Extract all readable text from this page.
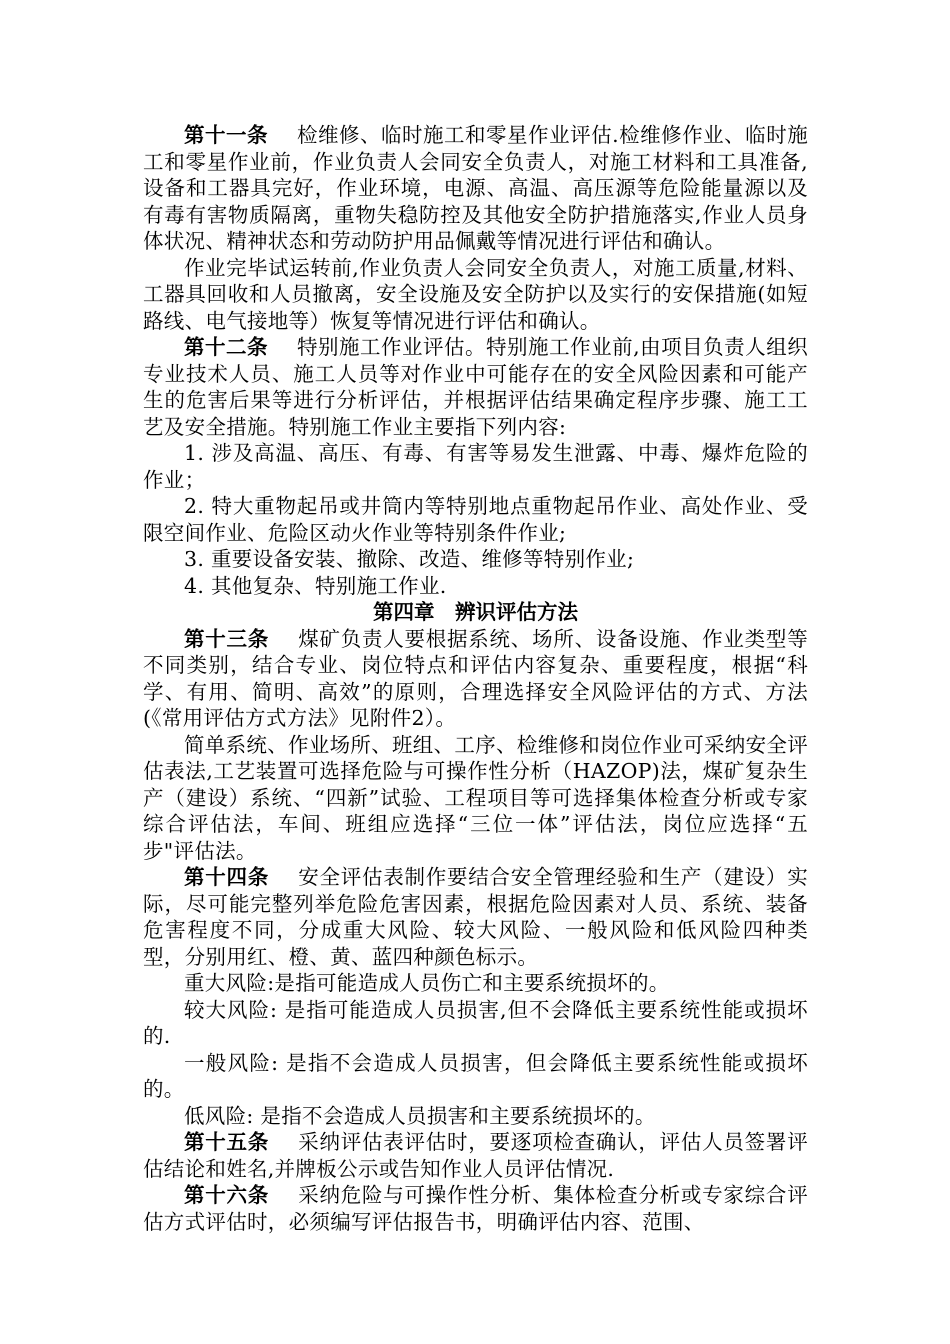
第十一条 检维修、临时施工和零星作业评估.检维修作业、临时施工和零星作业前，作业负责人会同安全负责人，对施工材料和工具准备,设备和工器具完好，作业环境，电源、高温、高压源等危险能量源以及有毒有害物质隔离，重物失稳防控及其他安全防护措施落实,作业人员身体状况、精神状态和劳动防护用品佩戴等情况进行评估和确认。

作业完毕试运转前,作业负责人会同安全负责人，对施工质量,材料、工器具回收和人员撤离，安全设施及安全防护以及实行的安保措施(如短路线、电气接地等）恢复等情况进行评估和确认。

第十二条 特别施工作业评估。特别施工作业前,由项目负责人组织专业技术人员、施工人员等对作业中可能存在的安全风险因素和可能产生的危害后果等进行分析评估，并根据评估结果确定程序步骤、施工工艺及安全措施。特别施工作业主要指下列内容:

1. 涉及高温、高压、有毒、有害等易发生泄露、中毒、爆炸危险的作业；

2. 特大重物起吊或井筒内等特别地点重物起吊作业、高处作业、受限空间作业、危险区动火作业等特别条件作业;

3. 重要设备安装、撤除、改造、维修等特别作业;

4. 其他复杂、特别施工作业.

第四章　辨识评估方法

第十三条 煤矿负责人要根据系统、场所、设备设施、作业类型等不同类别，结合专业、岗位特点和评估内容复杂、重要程度，根据“科学、有用、简明、高效”的原则，合理选择安全风险评估的方式、方法(《常用评估方式方法》见附件2）。

简单系统、作业场所、班组、工序、检维修和岗位作业可采纳安全评估表法,工艺装置可选择危险与可操作性分析（HAZOP)法，煤矿复杂生产（建设）系统、“四新”试验、工程项目等可选择集体检查分析或专家综合评估法，车间、班组应选择“三位一体”评估法，岗位应选择“五步"评估法。

第十四条 安全评估表制作要结合安全管理经验和生产（建设）实际，尽可能完整列举危险危害因素，根据危险因素对人员、系统、装备危害程度不同，分成重大风险、较大风险、一般风险和低风险四种类型，分别用红、橙、黄、蓝四种颜色标示。

重大风险:是指可能造成人员伤亡和主要系统损坏的。

较大风险: 是指可能造成人员损害,但不会降低主要系统性能或损坏的.

一般风险: 是指不会造成人员损害，但会降低主要系统性能或损坏的。

低风险: 是指不会造成人员损害和主要系统损坏的。

第十五条 采纳评估表评估时，要逐项检查确认，评估人员签署评估结论和姓名,并牌板公示或告知作业人员评估情况.

第十六条 采纳危险与可操作性分析、集体检查分析或专家综合评估方式评估时，必须编写评估报告书，明确评估内容、范围、
